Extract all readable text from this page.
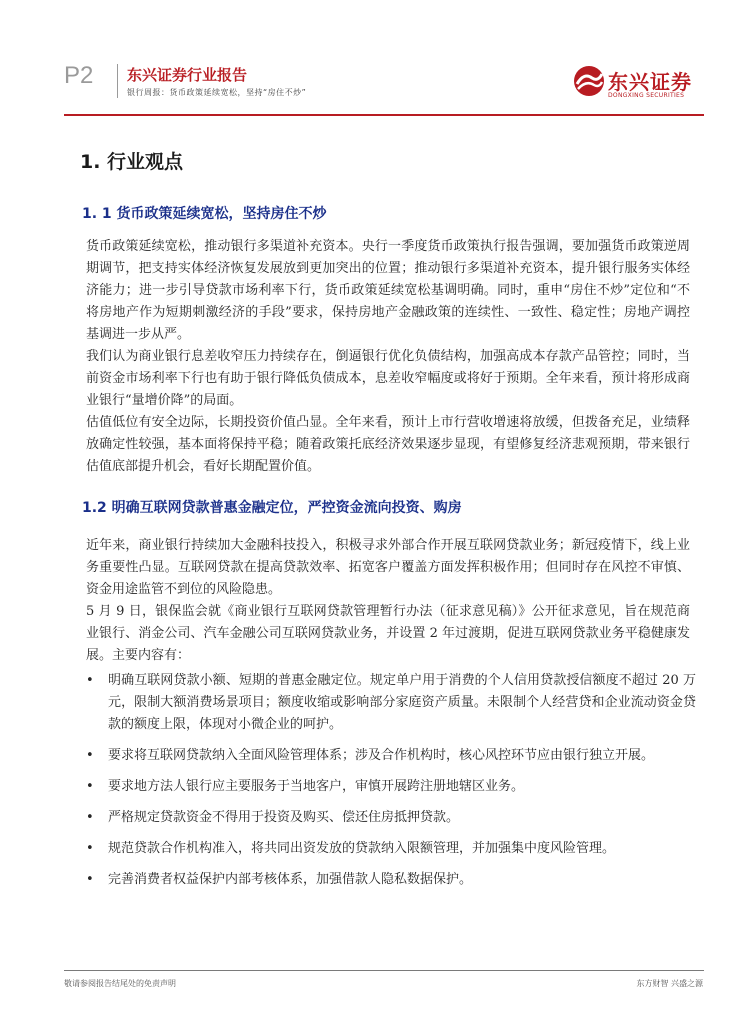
P2 东兴证券行业报告
银行周报：货币政策延续宽松，坚持“房住不炒”	东兴证券
DONGXING SECURITIES
1. 行业观点
1. 1 货币政策延续宽松，坚持房住不炒

货币政策延续宽松，推动银行多渠道补充资本。央行一季度货币政策执行报告强调，要加强货币政策逆周期调节，把支持实体经济恢复发展放到更加突出的位置；推动银行多渠道补充资本，提升银行服务实体经济能力；进一步引导贷款市场利率下行，货币政策延续宽松基调明确。同时，重申“房住不炒”定位和“不将房地产作为短期刺激经济的手段”要求，保持房地产金融政策的连续性、一致性、稳定性；房地产调控基调进一步从严。

我们认为商业银行息差收窄压力持续存在，倒逼银行优化负债结构，加强高成本存款产品管控；同时，当前资金市场利率下行也有助于银行降低负债成本，息差收窄幅度或将好于预期。全年来看，预计将形成商业银行“量增价降”的局面。

估值低位有安全边际，长期投资价值凸显。全年来看，预计上市行营收增速将放缓，但拨备充足，业绩释放确定性较强，基本面将保持平稳；随着政策托底经济效果逐步显现，有望修复经济悲观预期，带来银行估值底部提升机会，看好长期配置价值。

1.2 明确互联网贷款普惠金融定位，严控资金流向投资、购房

近年来，商业银行持续加大金融科技投入，积极寻求外部合作开展互联网贷款业务；新冠疫情下，线上业务重要性凸显。互联网贷款在提高贷款效率、拓宽客户覆盖方面发挥积极作用；但同时存在风控不审慎、资金用途监管不到位的风险隐患。

5 月 9 日，银保监会就《商业银行互联网贷款管理暂行办法（征求意见稿）》公开征求意见，旨在规范商业银行、消金公司、汽车金融公司互联网贷款业务，并设置 2 年过渡期，促进互联网贷款业务平稳健康发展。主要内容有：

• 明确互联网贷款小额、短期的普惠金融定位。规定单户用于消费的个人信用贷款授信额度不超过 20 万元，限制大额消费场景项目；额度收缩或影响部分家庭资产质量。未限制个人经营贷和企业流动资金贷款的额度上限，体现对小微企业的呵护。
• 要求将互联网贷款纳入全面风险管理体系；涉及合作机构时，核心风控环节应由银行独立开展。
• 要求地方法人银行应主要服务于当地客户，审慎开展跨注册地辖区业务。
• 严格规定贷款资金不得用于投资及购买、偿还住房抵押贷款。
• 规范贷款合作机构准入，将共同出资发放的贷款纳入限额管理，并加强集中度风险管理。
• 完善消费者权益保护内部考核体系，加强借款人隐私数据保护。
敬请参阅报告结尾处的免责声明	东方财智 兴盛之源
